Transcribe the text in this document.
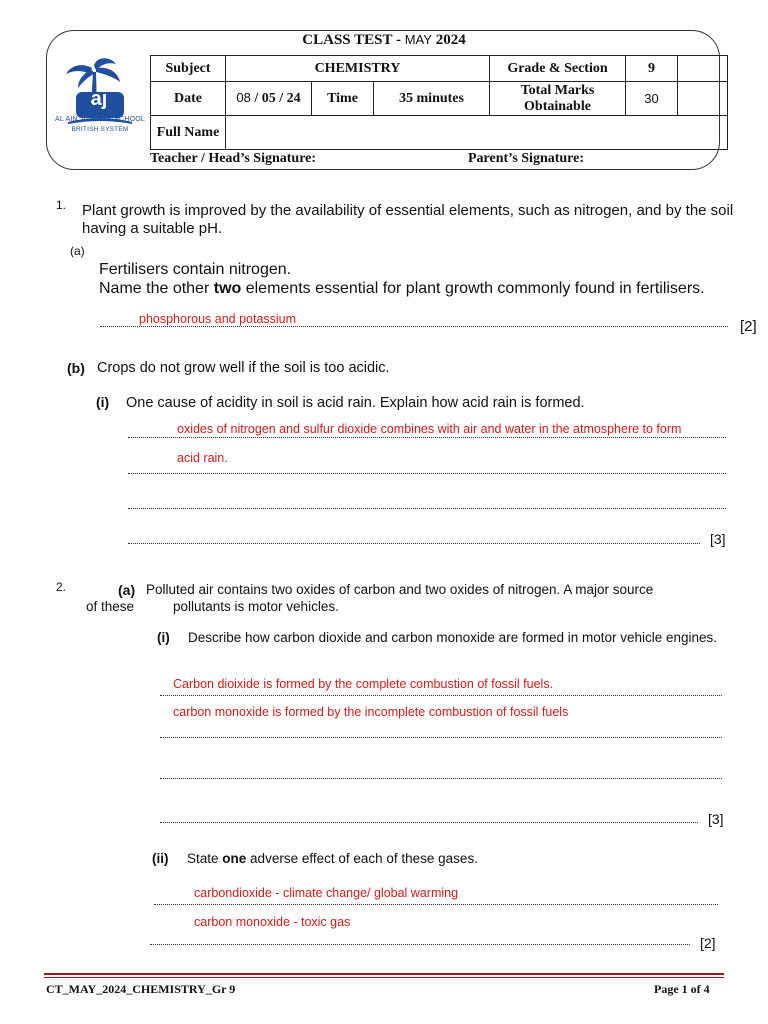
CLASS TEST - MAY 2024
aj
AL AIN JUNIORS SCHOOL
BRITISH SYSTEM
Subject	CHEMISTRY			Grade & Section	9	
Date	08 / 05 / 24	Time	35 minutes	Total Marks Obtainable	30	
Full Name						
Teacher / Head’s Signature:	Parent’s Signature:
1. Plant growth is improved by the availability of essential elements, such as nitrogen, and by the soil
having a suitable pH.
(a)
Fertilisers contain nitrogen.
Name the other two elements essential for plant growth commonly found in fertilisers.
phosphorous and potassium	[2]
(b) Crops do not grow well if the soil is too acidic.
(i) One cause of acidity in soil is acid rain. Explain how acid rain is formed.
oxides of nitrogen and sulfur dioxide combines with air and water in the atmosphere to form
acid rain.
[3]
2.	(a) Polluted air contains two oxides of carbon and two oxides of nitrogen. A major source
of these	pollutants is motor vehicles.
(i) Describe how carbon dioxide and carbon monoxide are formed in motor vehicle engines.
Carbon dioixide is formed by the complete combustion of fossil fuels.
carbon monoxide is formed by the incomplete combustion of fossil fuels
[3]
(ii) State one adverse effect of each of these gases.
carbondioxide - climate change/ global warming
carbon monoxide - toxic gas
[2]
CT_MAY_2024_CHEMISTRY_Gr 9	Page 1 of 4
